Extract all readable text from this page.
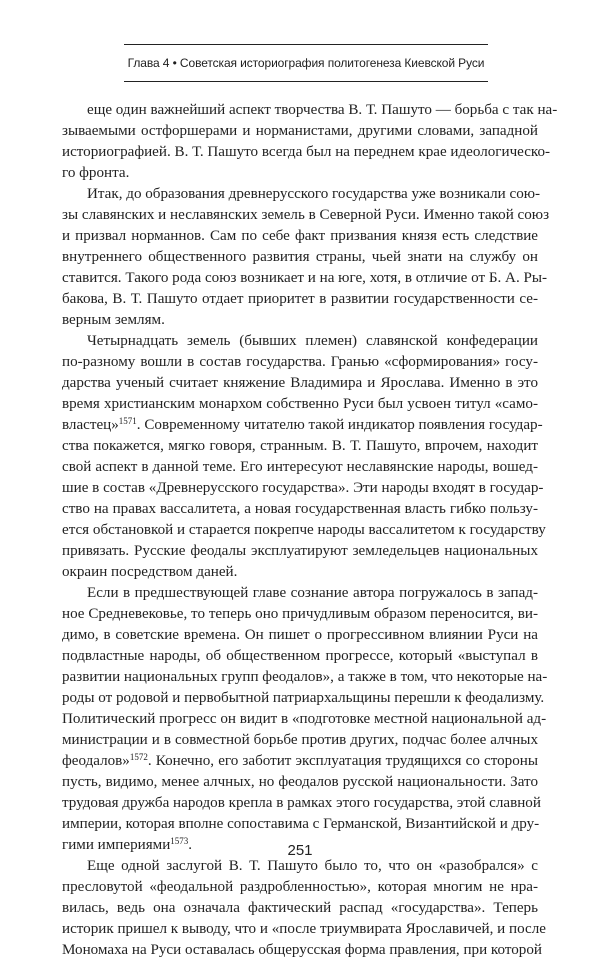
Глава 4 • Советская историография политогенеза Киевской Руси
еще один важнейший аспект творчества В. Т. Пашуто — борьба с так на-
зываемыми остфоршерами и норманистами, другими словами, западной
историографией. В. Т. Пашуто всегда был на переднем крае идеологическо-
го фронта.
Итак, до образования древнерусского государства уже возникали сою-
зы славянских и неславянских земель в Северной Руси. Именно такой союз
и призвал норманнов. Сам по себе факт призвания князя есть следствие
внутреннего общественного развития страны, чьей знати на службу он
ставится. Такого рода союз возникает и на юге, хотя, в отличие от Б. А. Ры-
бакова, В. Т. Пашуто отдает приоритет в развитии государственности се-
верным землям.
Четырнадцать земель (бывших племен) славянской конфедерации
по-разному вошли в состав государства. Гранью «сформирования» госу-
дарства ученый считает княжение Владимира и Ярослава. Именно в это
время христианским монархом собственно Руси был усвоен титул «само-
властец»$^{1571}$. Современному читателю такой индикатор появления государ-
ства покажется, мягко говоря, странным. В. Т. Пашуто, впрочем, находит
свой аспект в данной теме. Его интересуют неславянские народы, вошед-
шие в состав «Древнерусского государства». Эти народы входят в государ-
ство на правах вассалитета, а новая государственная власть гибко пользу-
ется обстановкой и старается покрепче народы вассалитетом к государству
привязать. Русские феодалы эксплуатируют земледельцев национальных
окраин посредством даней.
Если в предшествующей главе сознание автора погружалось в запад-
ное Средневековье, то теперь оно причудливым образом переносится, ви-
димо, в советские времена. Он пишет о прогрессивном влиянии Руси на
подвластные народы, об общественном прогрессе, который «выступал в
развитии национальных групп феодалов», а также в том, что некоторые на-
роды от родовой и первобытной патриархальщины перешли к феодализму.
Политический прогресс он видит в «подготовке местной национальной ад-
министрации и в совместной борьбе против других, подчас более алчных
феодалов»$^{1572}$. Конечно, его заботит эксплуатация трудящихся со стороны
пусть, видимо, менее алчных, но феодалов русской национальности. Зато
трудовая дружба народов крепла в рамках этого государства, этой славной
империи, которая вполне сопоставима с Германской, Византийской и дру-
гими империями$^{1573}$.
Еще одной заслугой В. Т. Пашуто было то, что он «разобрался» с
пресловутой «феодальной раздробленностью», которая многим не нра-
вилась, ведь она означала фактический распад «государства». Теперь
историк пришел к выводу, что и «после триумвирата Ярославичей, и после
Мономаха на Руси оставалась общерусская форма правления, при которой
251
